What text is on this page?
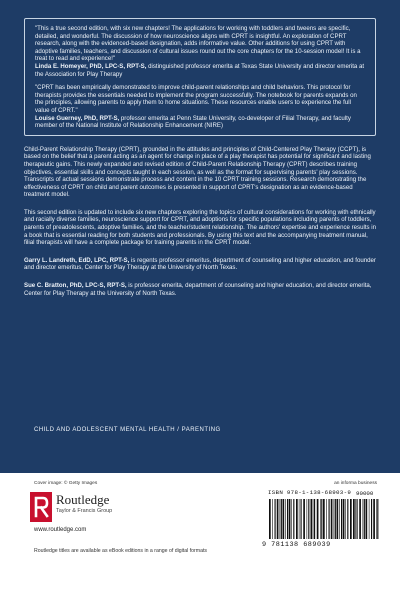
"This a true second edition, with six new chapters! The applications for working with toddlers and tweens are specific, detailed, and wonderful. The discussion of how neuroscience aligns with CPRT is insightful. An exploration of CPRT research, along with the evidenced-based designation, adds informative value. Other additions for using CPRT with adoptive families, teachers, and discussion of cultural issues round out the core chapters for the 10-session model! It is a treat to read and experience!"
Linda E. Homeyer, PhD, LPC-S, RPT-S, distinguished professor emerita at Texas State University and director emerita at the Association for Play Therapy
"CPRT has been empirically demonstrated to improve child-parent relationships and child behaviors. This protocol for therapists provides the essentials needed to implement the program successfully. The notebook for parents expands on the principles, allowing parents to apply them to home situations. These resources enable users to experience the full value of CPRT."
Louise Guerney, PhD, RPT-S, professor emerita at Penn State University, co-developer of Filial Therapy, and faculty member of the National Institute of Relationship Enhancement (NIRE)

Child-Parent Relationship Therapy (CPRT), grounded in the attitudes and principles of Child-Centered Play Therapy (CCPT), is based on the belief that a parent acting as an agent for change in place of a play therapist has potential for significant and lasting therapeutic gains. This newly expanded and revised edition of Child-Parent Relationship Therapy (CPRT) describes training objectives, essential skills and concepts taught in each session, as well as the format for supervising parents' play sessions. Transcripts of actual sessions demonstrate process and content in the 10 CPRT training sessions. Research demonstrating the effectiveness of CPRT on child and parent outcomes is presented in support of CPRT's designation as an evidence-based treatment model.

This second edition is updated to include six new chapters exploring the topics of cultural considerations for working with ethnically and racially diverse families, neuroscience support for CPRT, and adoptions for specific populations including parents of toddlers, parents of preadolescents, adoptive families, and the teacher/student relationship. The authors' expertise and experience results in a book that is essential reading for both students and professionals. By using this text and the accompanying treatment manual, filial therapists will have a complete package for training parents in the CPRT model.

Garry L. Landreth, EdD, LPC, RPT-S, is regents professor emeritus, department of counseling and higher education, and founder and director emeritus, Center for Play Therapy at the University of North Texas.

Sue C. Bratton, PhD, LPC-S, RPT-S, is professor emerita, department of counseling and higher education, and director emerita, Center for Play Therapy at the University of North Texas.

CHILD AND ADOLESCENT MENTAL HEALTH / PARENTING
Cover image: © Getty Images	an informa business
Routledge
Taylor & Francis Group
www.routledge.com
ISBN 978-1-138-68903-9 90000
9 781138 689039
Routledge titles are available as eBook editions in a range of digital formats
